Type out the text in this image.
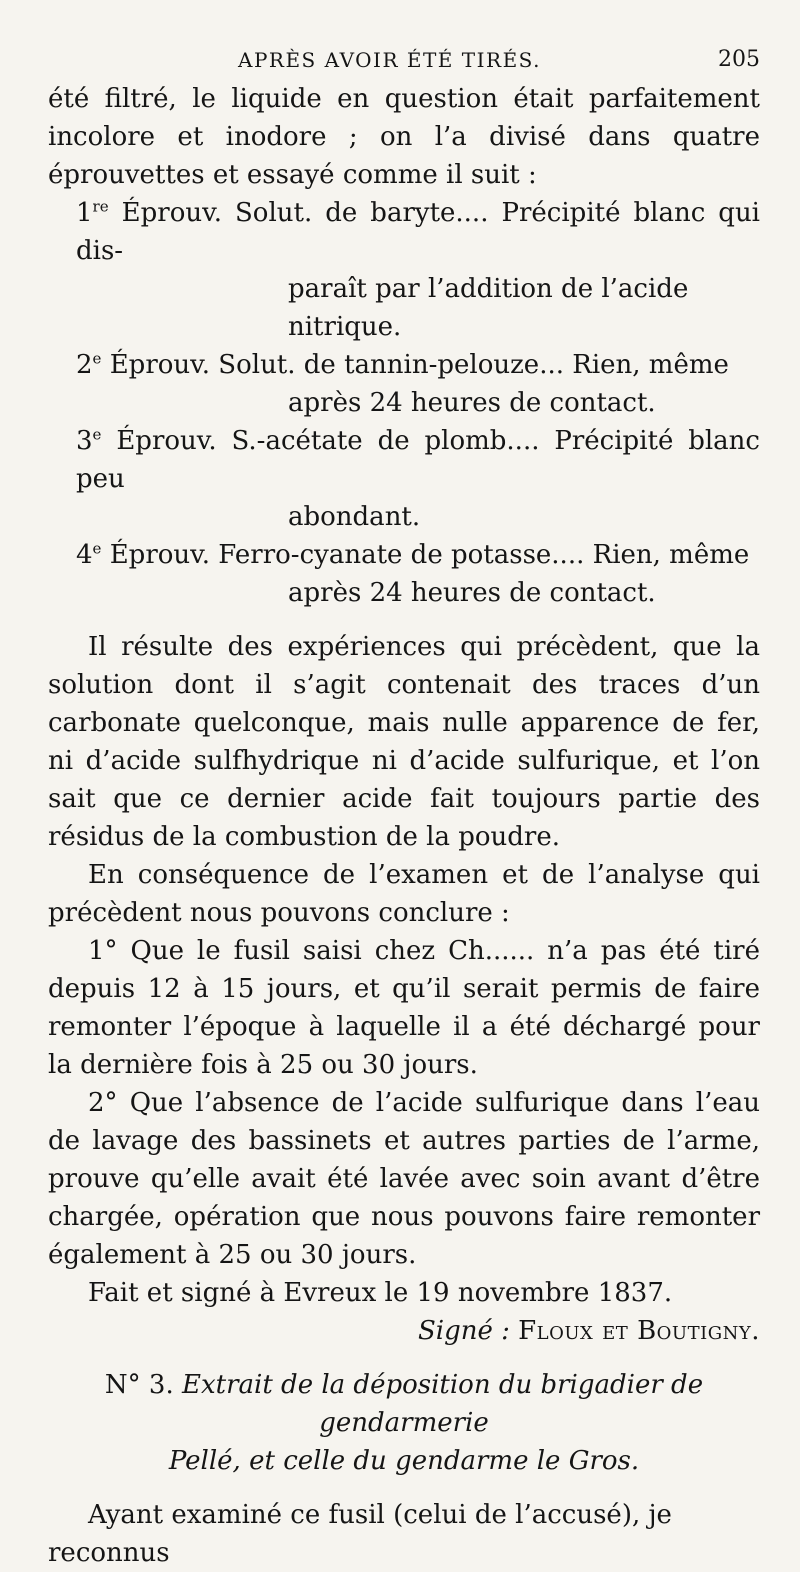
APRÈS AVOIR ÉTÉ TIRÉS.	205

été filtré, le liquide en question était parfaitement incolore et inodore ; on l’a divisé dans quatre éprouvettes et essayé comme il suit :

1re Éprouv. Solut. de baryte.... Précipité blanc qui dis-
paraît par l’addition de l’acide nitrique.
2e Éprouv. Solut. de tannin-pelouze... Rien, même
après 24 heures de contact.
3e Éprouv. S.-acétate de plomb.... Précipité blanc peu
abondant.
4e Éprouv. Ferro-cyanate de potasse.... Rien, même
après 24 heures de contact.

Il résulte des expériences qui précèdent, que la solution dont il s’agit contenait des traces d’un carbonate quelconque, mais nulle apparence de fer, ni d’acide sulfhydrique ni d’acide sulfurique, et l’on sait que ce dernier acide fait toujours partie des résidus de la combustion de la poudre.

En conséquence de l’examen et de l’analyse qui précèdent nous pouvons conclure :

1° Que le fusil saisi chez Ch...... n’a pas été tiré depuis 12 à 15 jours, et qu’il serait permis de faire remonter l’époque à laquelle il a été déchargé pour la dernière fois à 25 ou 30 jours.

2° Que l’absence de l’acide sulfurique dans l’eau de lavage des bassinets et autres parties de l’arme, prouve qu’elle avait été lavée avec soin avant d’être chargée, opération que nous pouvons faire remonter également à 25 ou 30 jours.

Fait et signé à Evreux le 19 novembre 1837.

Signé : Floux et Boutigny.

N° 3. Extrait de la déposition du brigadier de gendarmerie
Pellé, et celle du gendarme le Gros.

Ayant examiné ce fusil (celui de l’accusé), je reconnus
